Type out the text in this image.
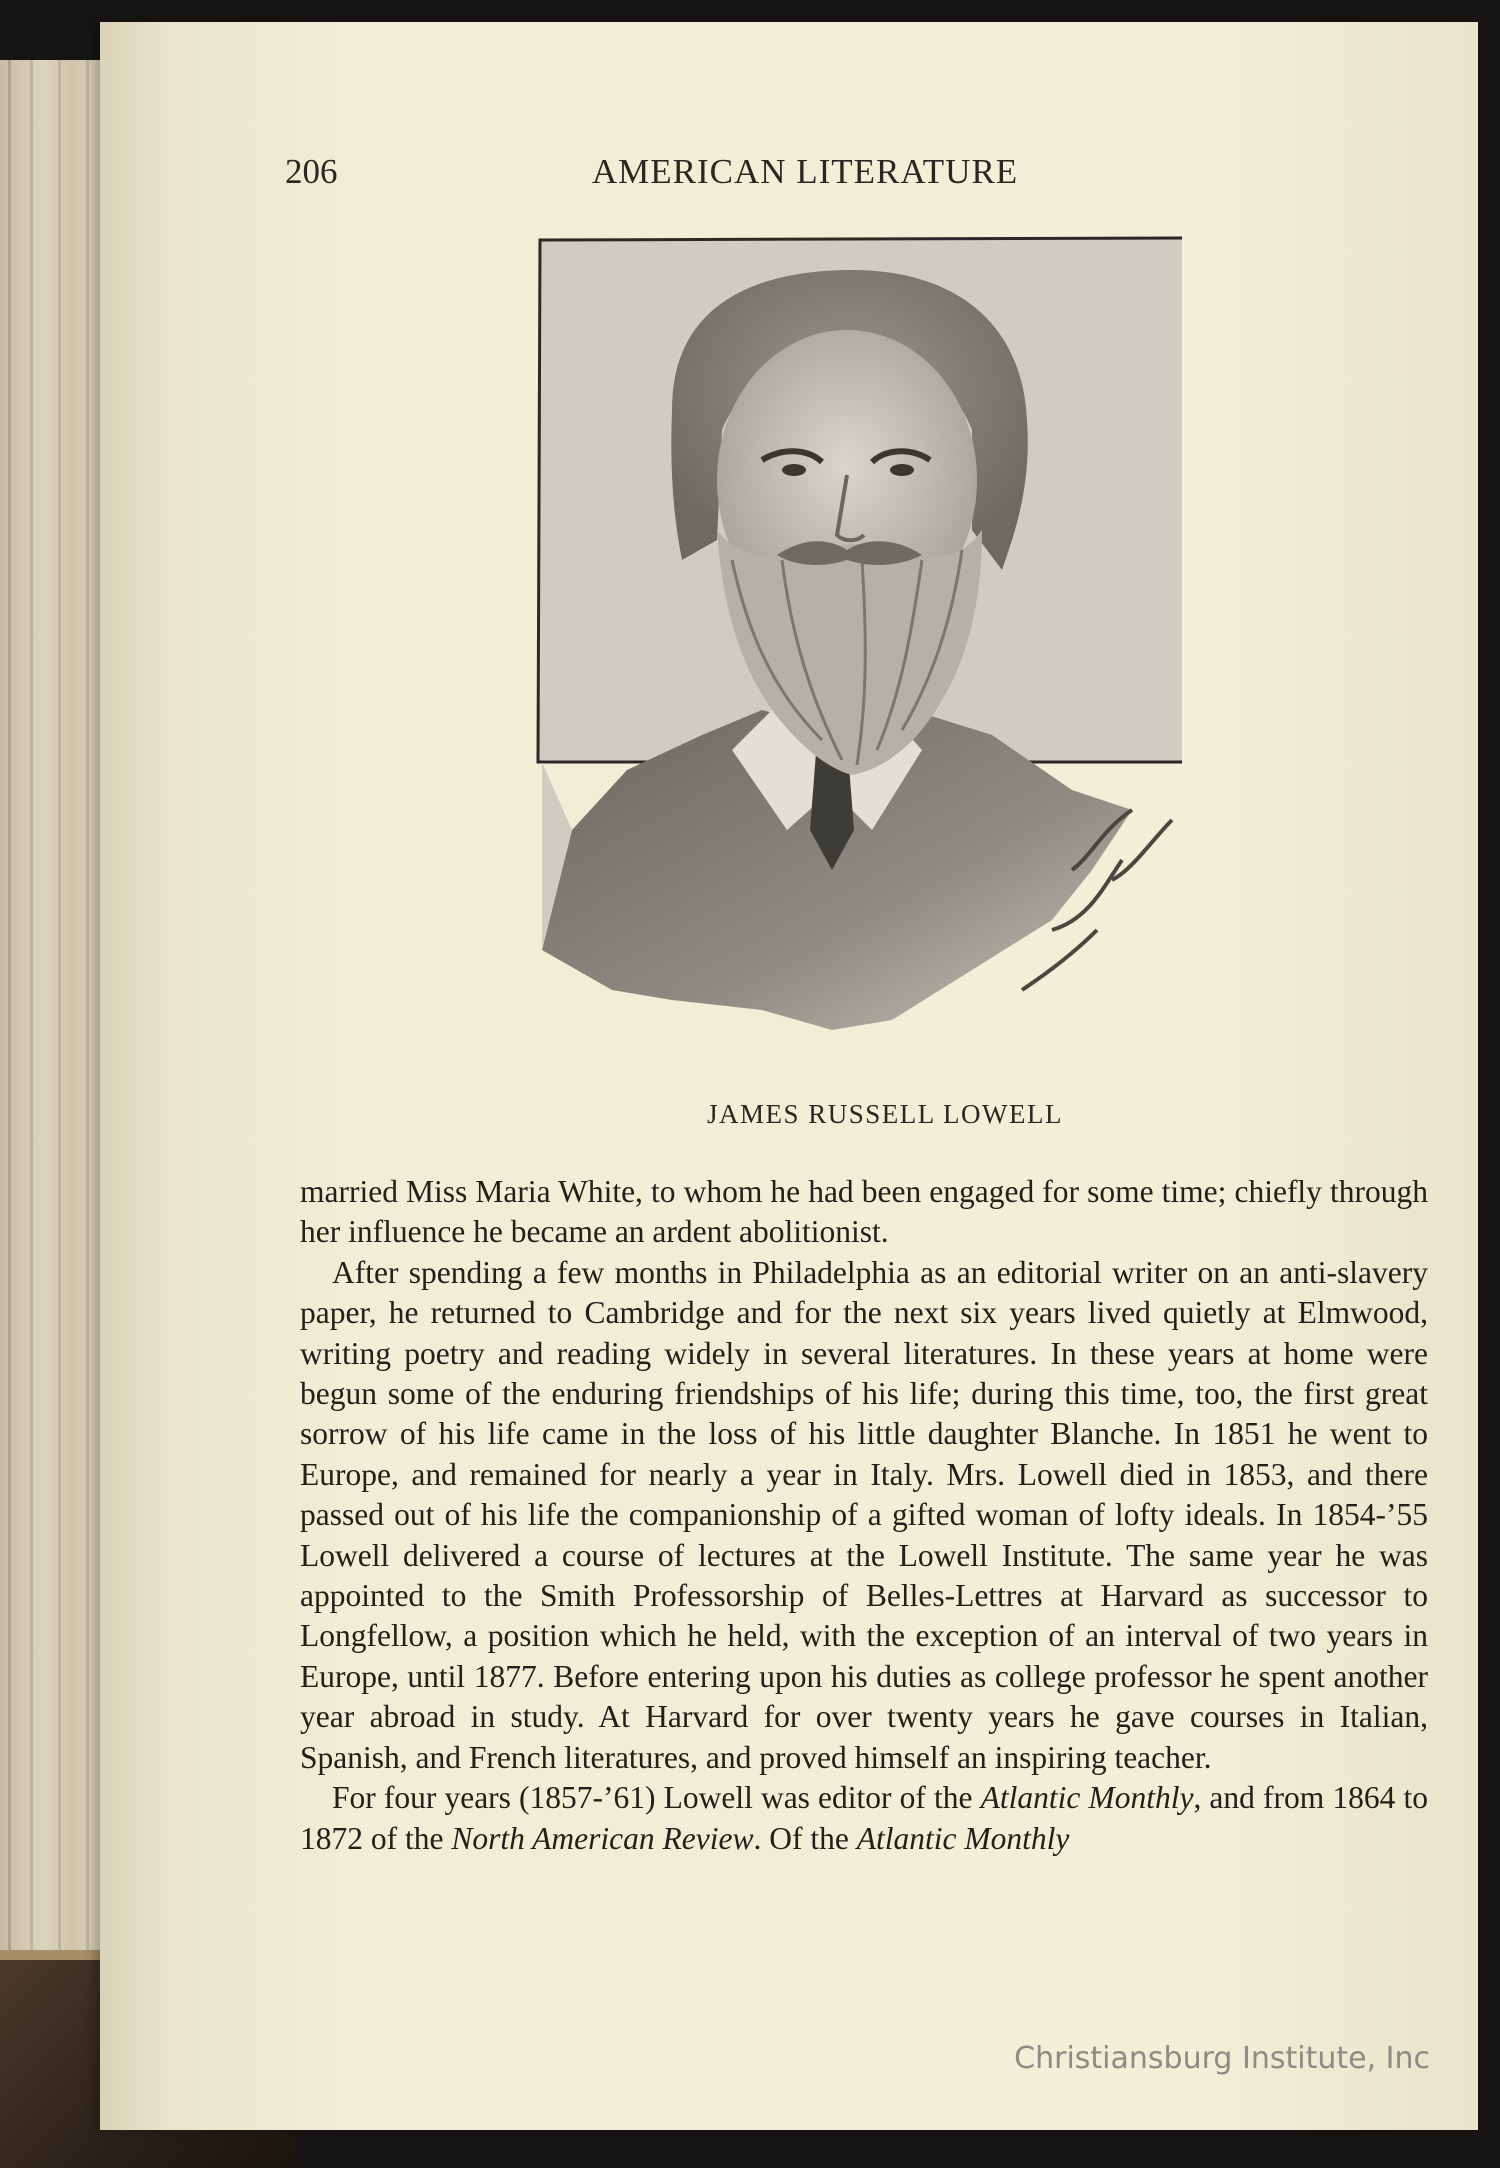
206	AMERICAN LITERATURE
JAMES RUSSELL LOWELL

married Miss Maria White, to whom he had been engaged for some time; chiefly through her influence he became an ardent abolitionist.

After spending a few months in Philadelphia as an editorial writer on an anti-slavery paper, he returned to Cambridge and for the next six years lived quietly at Elmwood, writing poetry and reading widely in several literatures. In these years at home were begun some of the enduring friendships of his life; during this time, too, the first great sorrow of his life came in the loss of his little daughter Blanche. In 1851 he went to Europe, and remained for nearly a year in Italy. Mrs. Lowell died in 1853, and there passed out of his life the companionship of a gifted woman of lofty ideals. In 1854-’55 Lowell delivered a course of lectures at the Lowell Institute. The same year he was appointed to the Smith Professorship of Belles-Lettres at Harvard as successor to Longfellow, a position which he held, with the exception of an interval of two years in Europe, until 1877. Before entering upon his duties as college professor he spent another year abroad in study. At Harvard for over twenty years he gave courses in Italian, Spanish, and French literatures, and proved himself an inspiring teacher.

For four years (1857-’61) Lowell was editor of the Atlantic Monthly, and from 1864 to 1872 of the North American Review. Of the Atlantic Monthly

Christiansburg Institute, Inc
